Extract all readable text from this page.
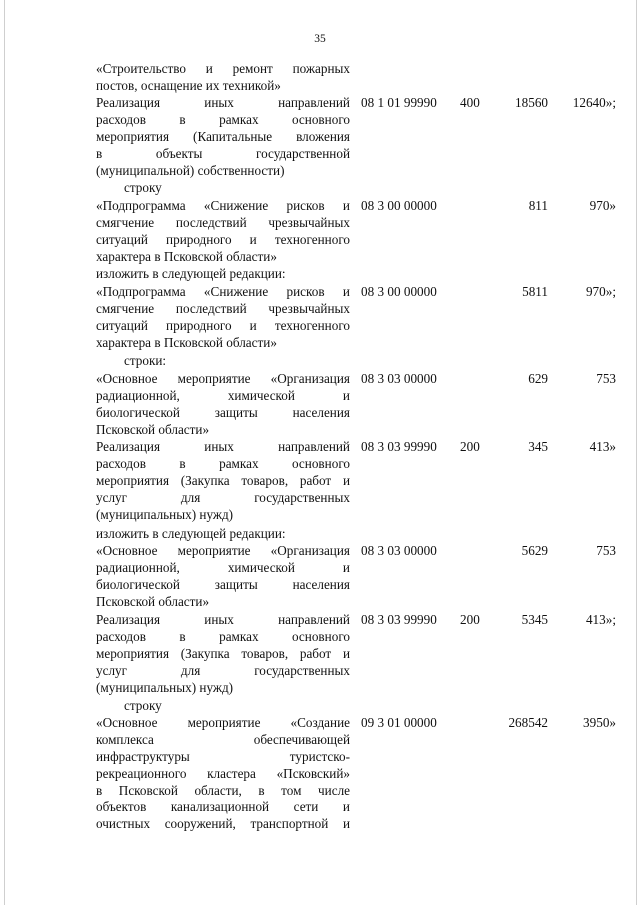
35
«Строительство и ремонт пожарных
постов, оснащение их техникой»
Реализация иных направлений
расходов в рамках основного
мероприятия (Капитальные вложения
в объекты государственной
(муниципальной) собственности)
08 1 01 99990 400	18560 12640»;
строку
«Подпрограмма «Снижение рисков и
смягчение последствий чрезвычайных
ситуаций природного и техногенного
характера в Псковской области»
08 3 00 00000	811	970»
изложить в следующей редакции:
«Подпрограмма «Снижение рисков и
смягчение последствий чрезвычайных
ситуаций природного и техногенного
характера в Псковской области»
08 3 00 00000	5811	970»;
строки:
«Основное мероприятие «Организация
радиационной, химической и
биологической защиты населения
Псковской области»
08 3 03 00000	629	753
Реализация иных направлений
расходов в рамках основного
мероприятия (Закупка товаров, работ и
услуг для государственных
(муниципальных) нужд)
08 3 03 99990 200	345	413»
изложить в следующей редакции:
«Основное мероприятие «Организация
радиационной, химической и
биологической защиты населения
Псковской области»
08 3 03 00000	5629	753
Реализация иных направлений
расходов в рамках основного
мероприятия (Закупка товаров, работ и
услуг для государственных
(муниципальных) нужд)
08 3 03 99990 200	5345	413»;
строку
«Основное мероприятие «Создание
комплекса обеспечивающей
инфраструктуры туристско-
рекреационного кластера «Псковский»
в Псковской области, в том числе
объектов канализационной сети и
очистных сооружений, транспортной и
09 3 01 00000	268542	3950»
